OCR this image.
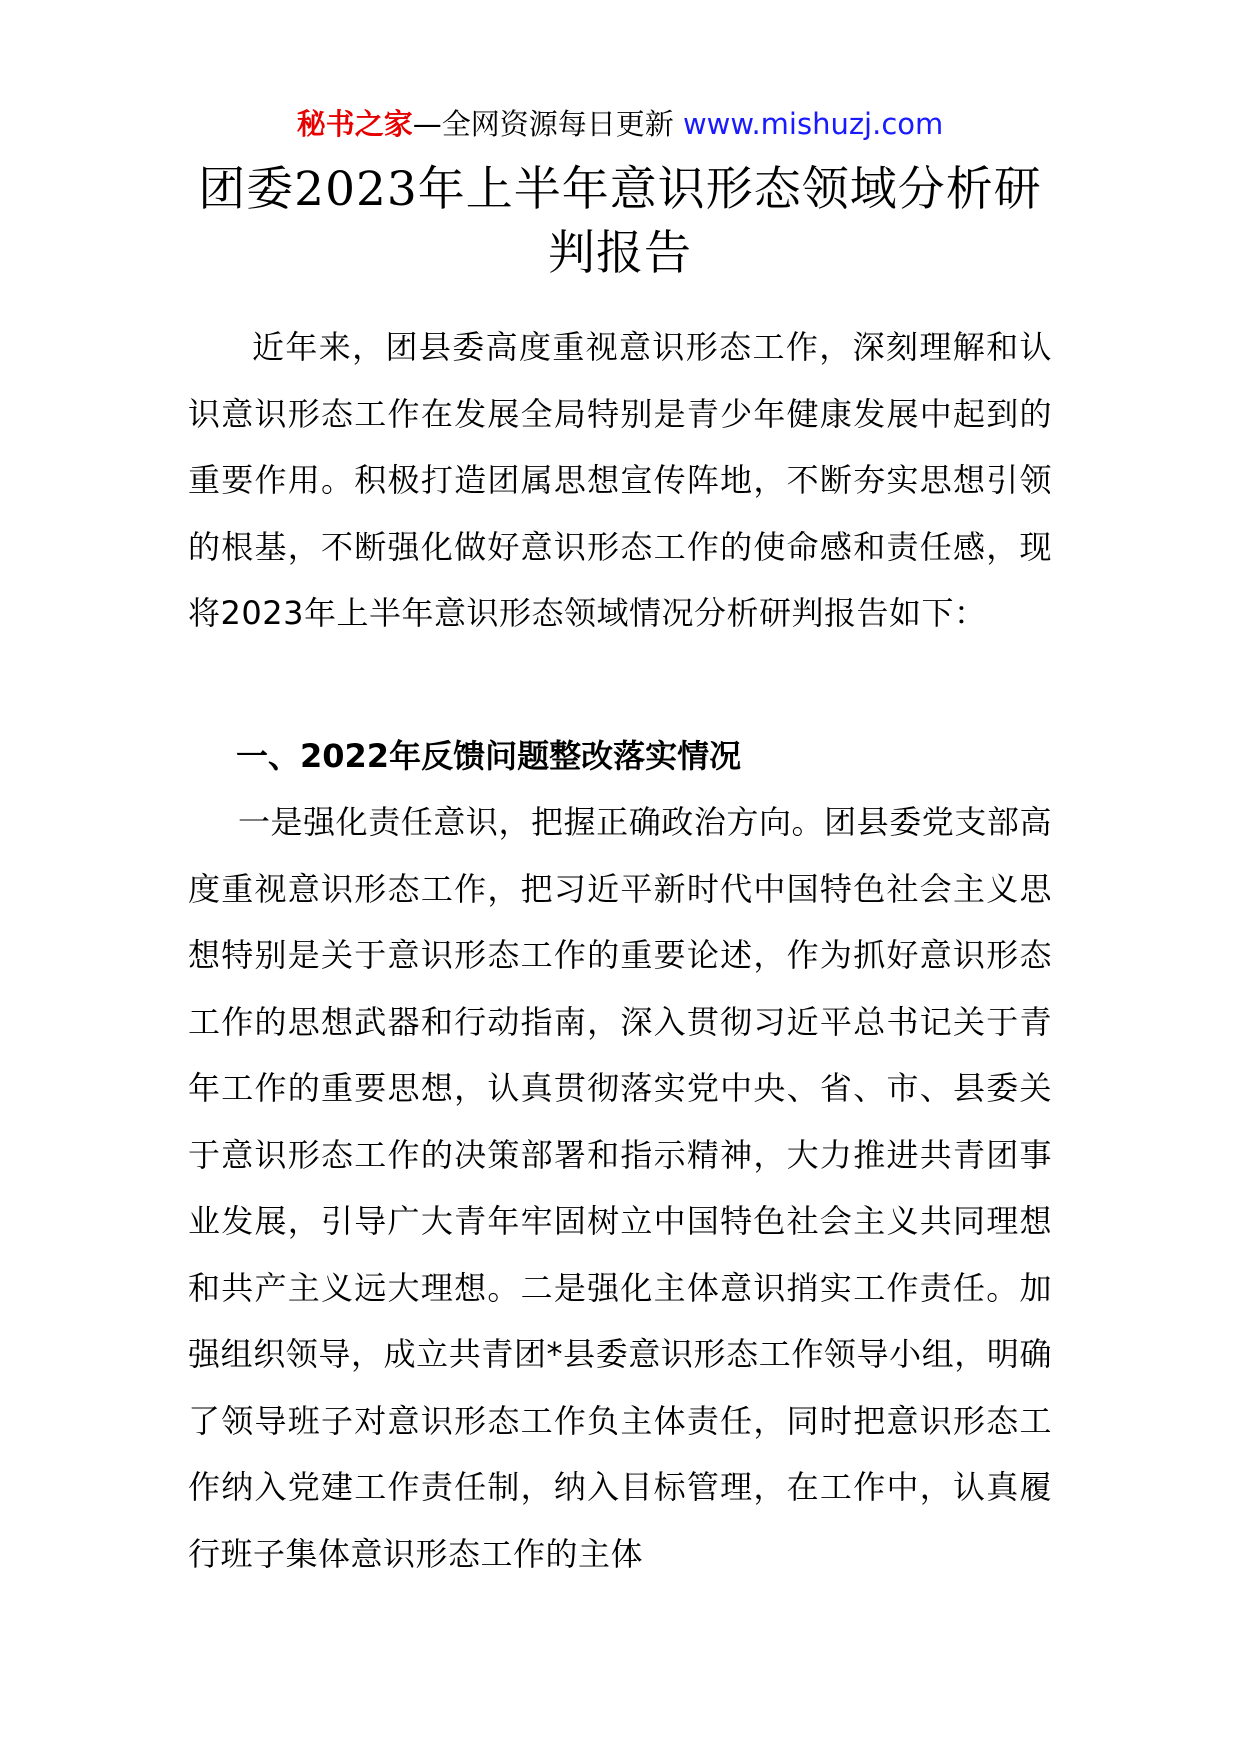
秘书之家—全网资源每日更新 www.mishuzj.com
团委2023年上半年意识形态领域分析研判报告
近年来，团县委高度重视意识形态工作，深刻理解和认识意识形态工作在发展全局特别是青少年健康发展中起到的重要作用。积极打造团属思想宣传阵地，不断夯实思想引领的根基，不断强化做好意识形态工作的使命感和责任感，现将2023年上半年意识形态领域情况分析研判报告如下：
一、2022年反馈问题整改落实情况
一是强化责任意识，把握正确政治方向。团县委党支部高度重视意识形态工作，把习近平新时代中国特色社会主义思想特别是关于意识形态工作的重要论述，作为抓好意识形态工作的思想武器和行动指南，深入贯彻习近平总书记关于青年工作的重要思想，认真贯彻落实党中央、省、市、县委关于意识形态工作的决策部署和指示精神，大力推进共青团事业发展，引导广大青年牢固树立中国特色社会主义共同理想和共产主义远大理想。二是强化主体意识捎实工作责任。加强组织领导，成立共青团*县委意识形态工作领导小组，明确了领导班子对意识形态工作负主体责任，同时把意识形态工作纳入党建工作责任制，纳入目标管理，在工作中，认真履行班子集体意识形态工作的主体
